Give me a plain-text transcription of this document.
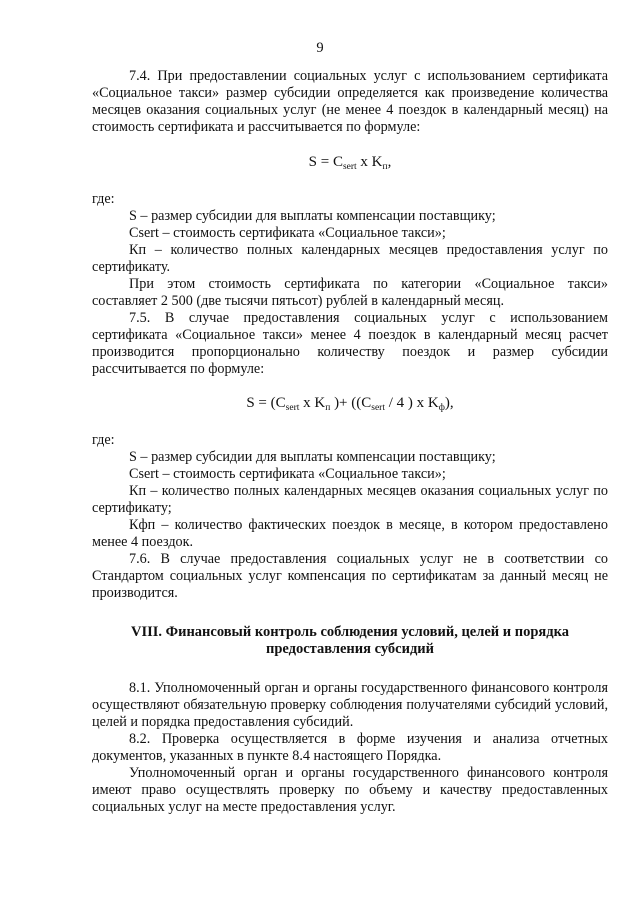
9

7.4. При предоставлении социальных услуг с использованием сертификата «Социальное такси» размер субсидии определяется как произведение количества месяцев оказания социальных услуг (не менее 4 поездок в календарный месяц) на стоимость сертификата и рассчитывается по формуле:

$S = C_{sert}$ x $K_п$,

где:

S – размер субсидии для выплаты компенсации поставщику;

Сsert – стоимость сертификата «Социальное такси»;

Кп – количество полных календарных месяцев предоставления услуг по сертификату.

При этом стоимость сертификата по категории «Социальное такси» составляет 2 500 (две тысячи пятьсот) рублей в календарный месяц.

7.5. В случае предоставления социальных услуг с использованием сертификата «Социальное такси» менее 4 поездок в календарный месяц расчет производится пропорционально количеству поездок и размер субсидии рассчитывается по формуле:

$S = (C_{sert}$ x $K_п$ )+ (($C_{sert} / 4$ ) x $K_ф$),

где:

S – размер субсидии для выплаты компенсации поставщику;

Сsert – стоимость сертификата «Социальное такси»;

Кп – количество полных календарных месяцев оказания социальных услуг по сертификату;

Кфп – количество фактических поездок в месяце, в котором предоставлено менее 4 поездок.

7.6. В случае предоставления социальных услуг не в соответствии со Стандартом социальных услуг компенсация по сертификатам за данный месяц не производится.

VIII. Финансовый контроль соблюдения условий, целей и порядка предоставления субсидий

8.1. Уполномоченный орган и органы государственного финансового контроля осуществляют обязательную проверку соблюдения получателями субсидий условий, целей и порядка предоставления субсидий.

8.2. Проверка осуществляется в форме изучения и анализа отчетных документов, указанных в пункте 8.4 настоящего Порядка.

Уполномоченный орган и органы государственного финансового контроля имеют право осуществлять проверку по объему и качеству предоставленных социальных услуг на месте предоставления услуг.
